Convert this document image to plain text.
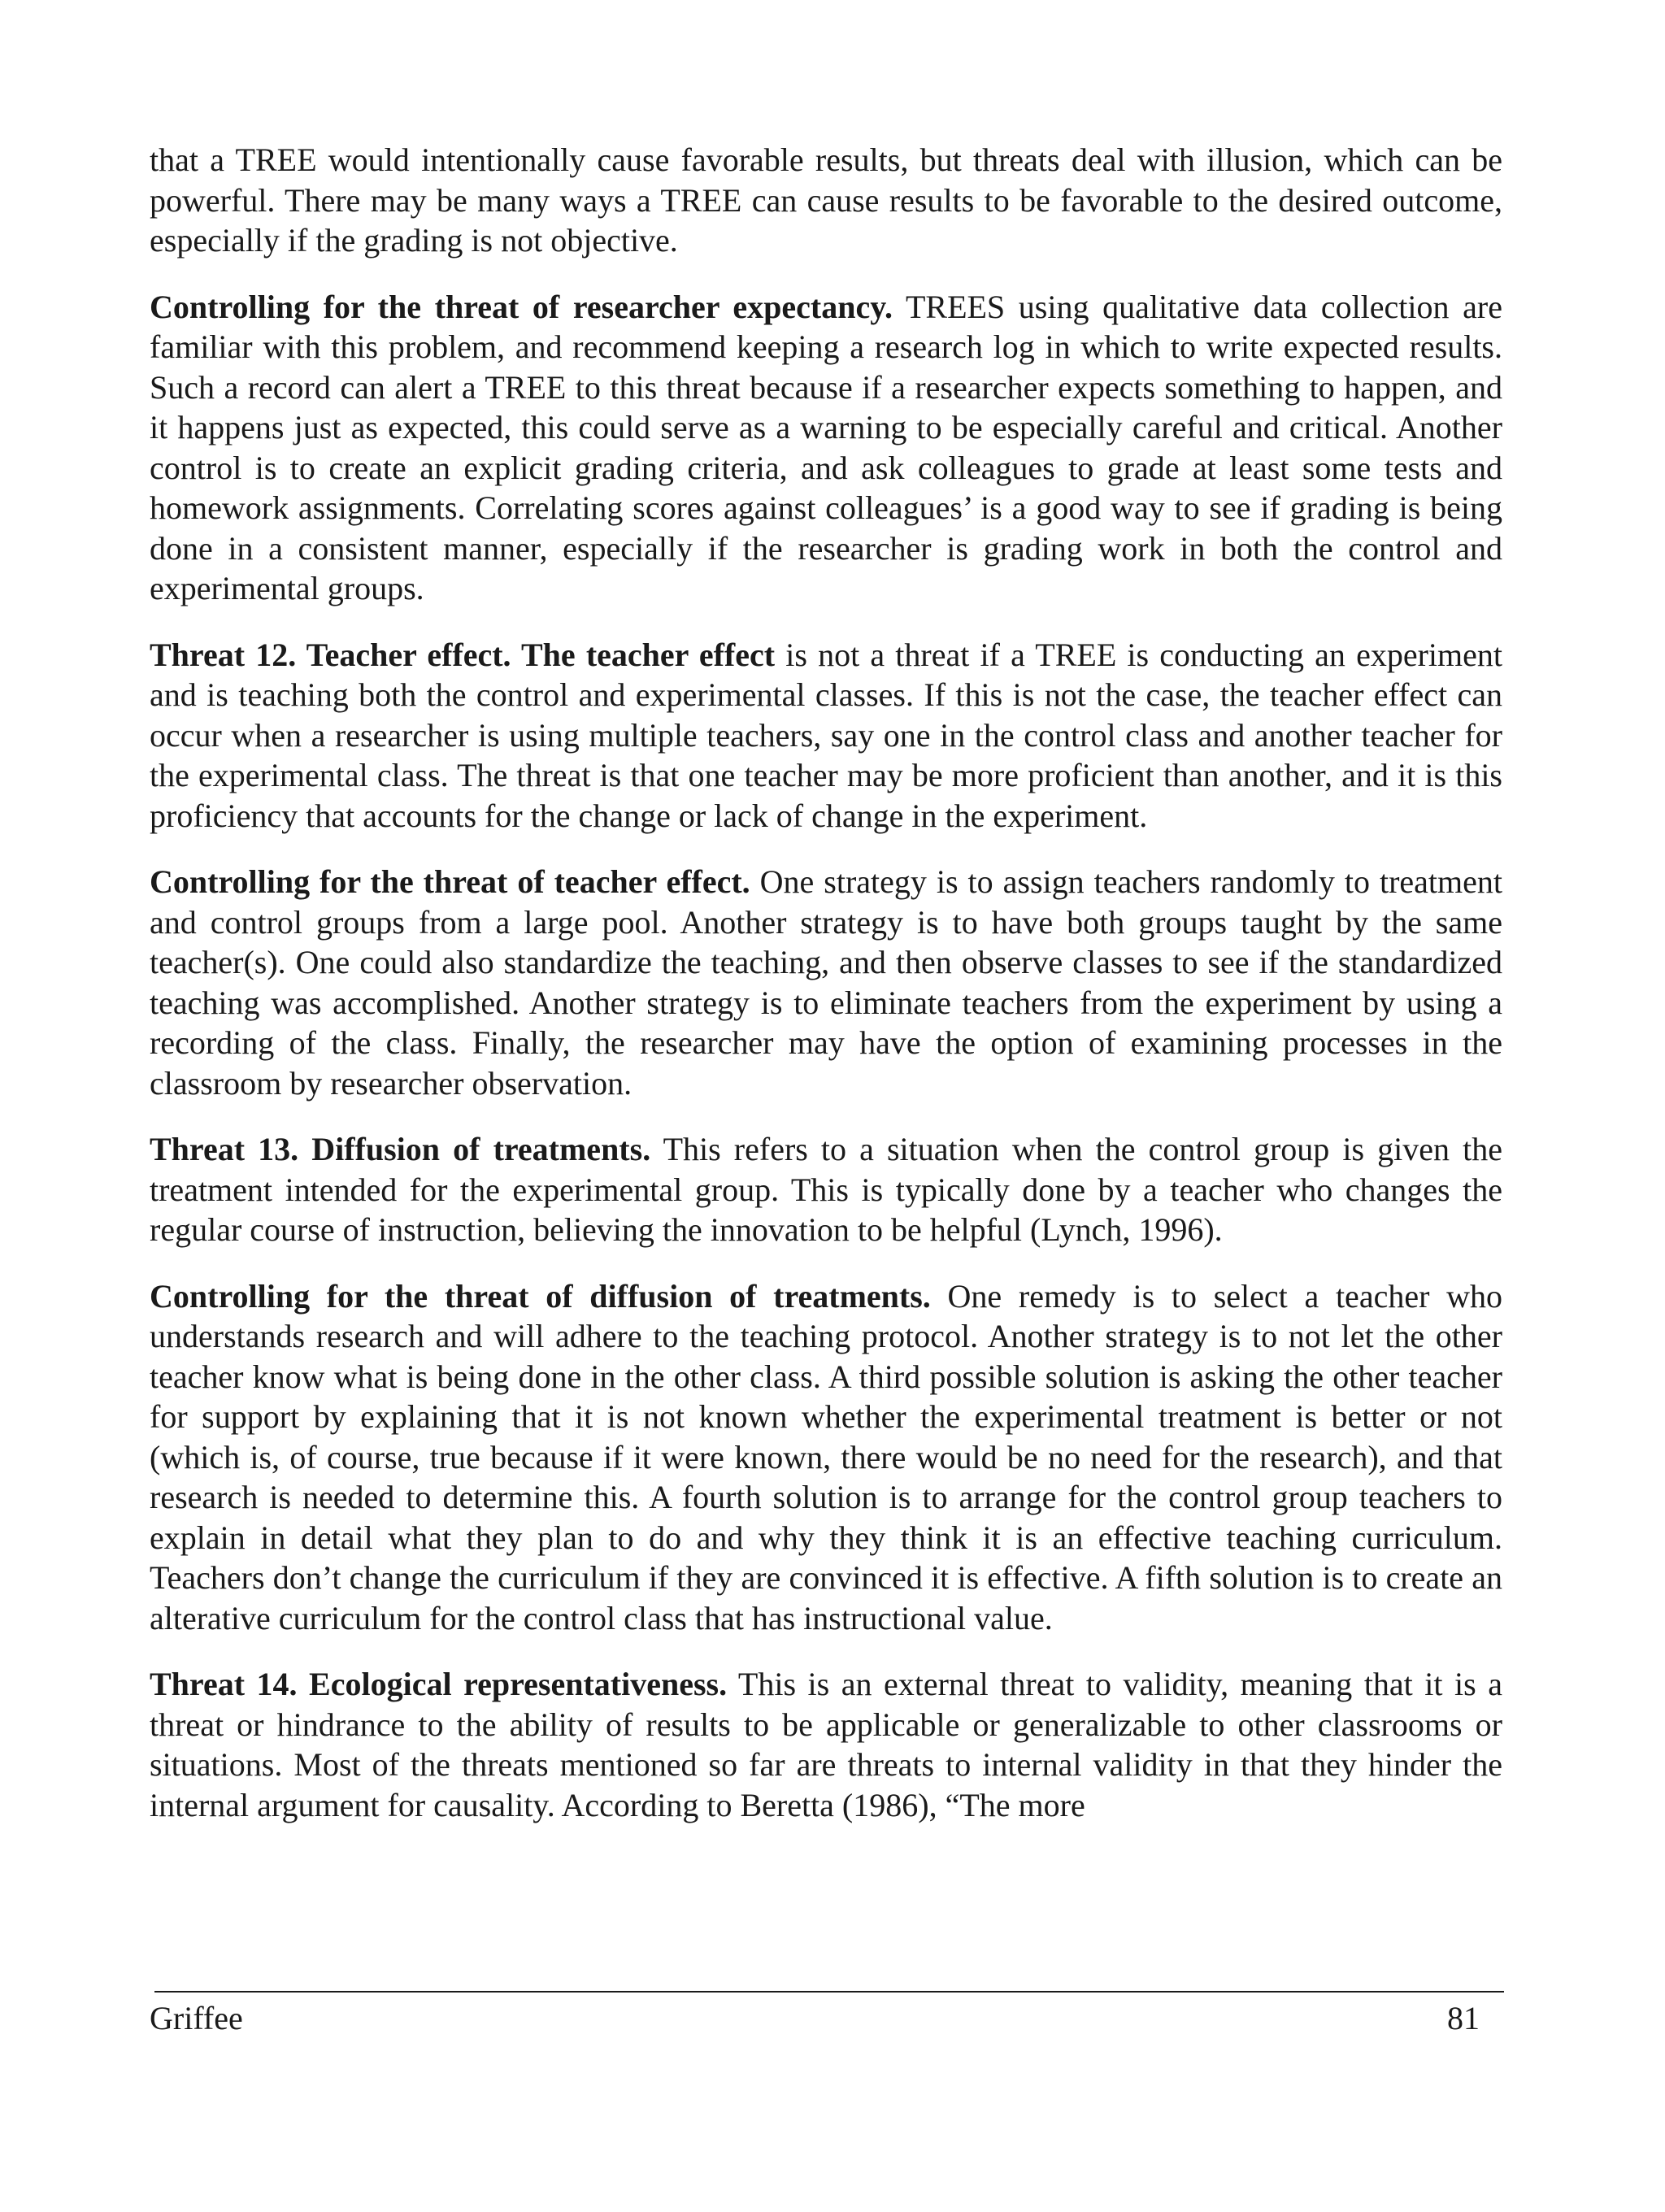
that a TREE would intentionally cause favorable results, but threats deal with illusion, which can be powerful. There may be many ways a TREE can cause results to be favorable to the desired outcome, especially if the grading is not objective.

Controlling for the threat of researcher expectancy. TREES using qualitative data collection are familiar with this problem, and recommend keeping a research log in which to write expected results. Such a record can alert a TREE to this threat because if a researcher expects something to happen, and it happens just as expected, this could serve as a warning to be especially careful and critical. Another control is to create an explicit grading criteria, and ask colleagues to grade at least some tests and homework assignments. Correlating scores against colleagues’ is a good way to see if grading is being done in a consistent manner, especially if the researcher is grading work in both the control and experimental groups.

Threat 12. Teacher effect. The teacher effect is not a threat if a TREE is conducting an experiment and is teaching both the control and experimental classes. If this is not the case, the teacher effect can occur when a researcher is using multiple teachers, say one in the control class and another teacher for the experimental class. The threat is that one teacher may be more proficient than another, and it is this proficiency that accounts for the change or lack of change in the experiment.

Controlling for the threat of teacher effect. One strategy is to assign teachers randomly to treatment and control groups from a large pool. Another strategy is to have both groups taught by the same teacher(s). One could also standardize the teaching, and then observe classes to see if the standardized teaching was accomplished. Another strategy is to eliminate teachers from the experiment by using a recording of the class. Finally, the researcher may have the option of examining processes in the classroom by researcher observation.

Threat 13. Diffusion of treatments. This refers to a situation when the control group is given the treatment intended for the experimental group. This is typically done by a teacher who changes the regular course of instruction, believing the innovation to be helpful (Lynch, 1996).

Controlling for the threat of diffusion of treatments. One remedy is to select a teacher who understands research and will adhere to the teaching protocol. Another strategy is to not let the other teacher know what is being done in the other class. A third possible solution is asking the other teacher for support by explaining that it is not known whether the experimental treatment is better or not (which is, of course, true because if it were known, there would be no need for the research), and that research is needed to determine this. A fourth solution is to arrange for the control group teachers to explain in detail what they plan to do and why they think it is an effective teaching curriculum. Teachers don’t change the curriculum if they are convinced it is effective. A fifth solution is to create an alterative curriculum for the control class that has instructional value.

Threat 14. Ecological representativeness. This is an external threat to validity, meaning that it is a threat or hindrance to the ability of results to be applicable or generalizable to other classrooms or situations. Most of the threats mentioned so far are threats to internal validity in that they hinder the internal argument for causality. According to Beretta (1986), “The more

Griffee	81
